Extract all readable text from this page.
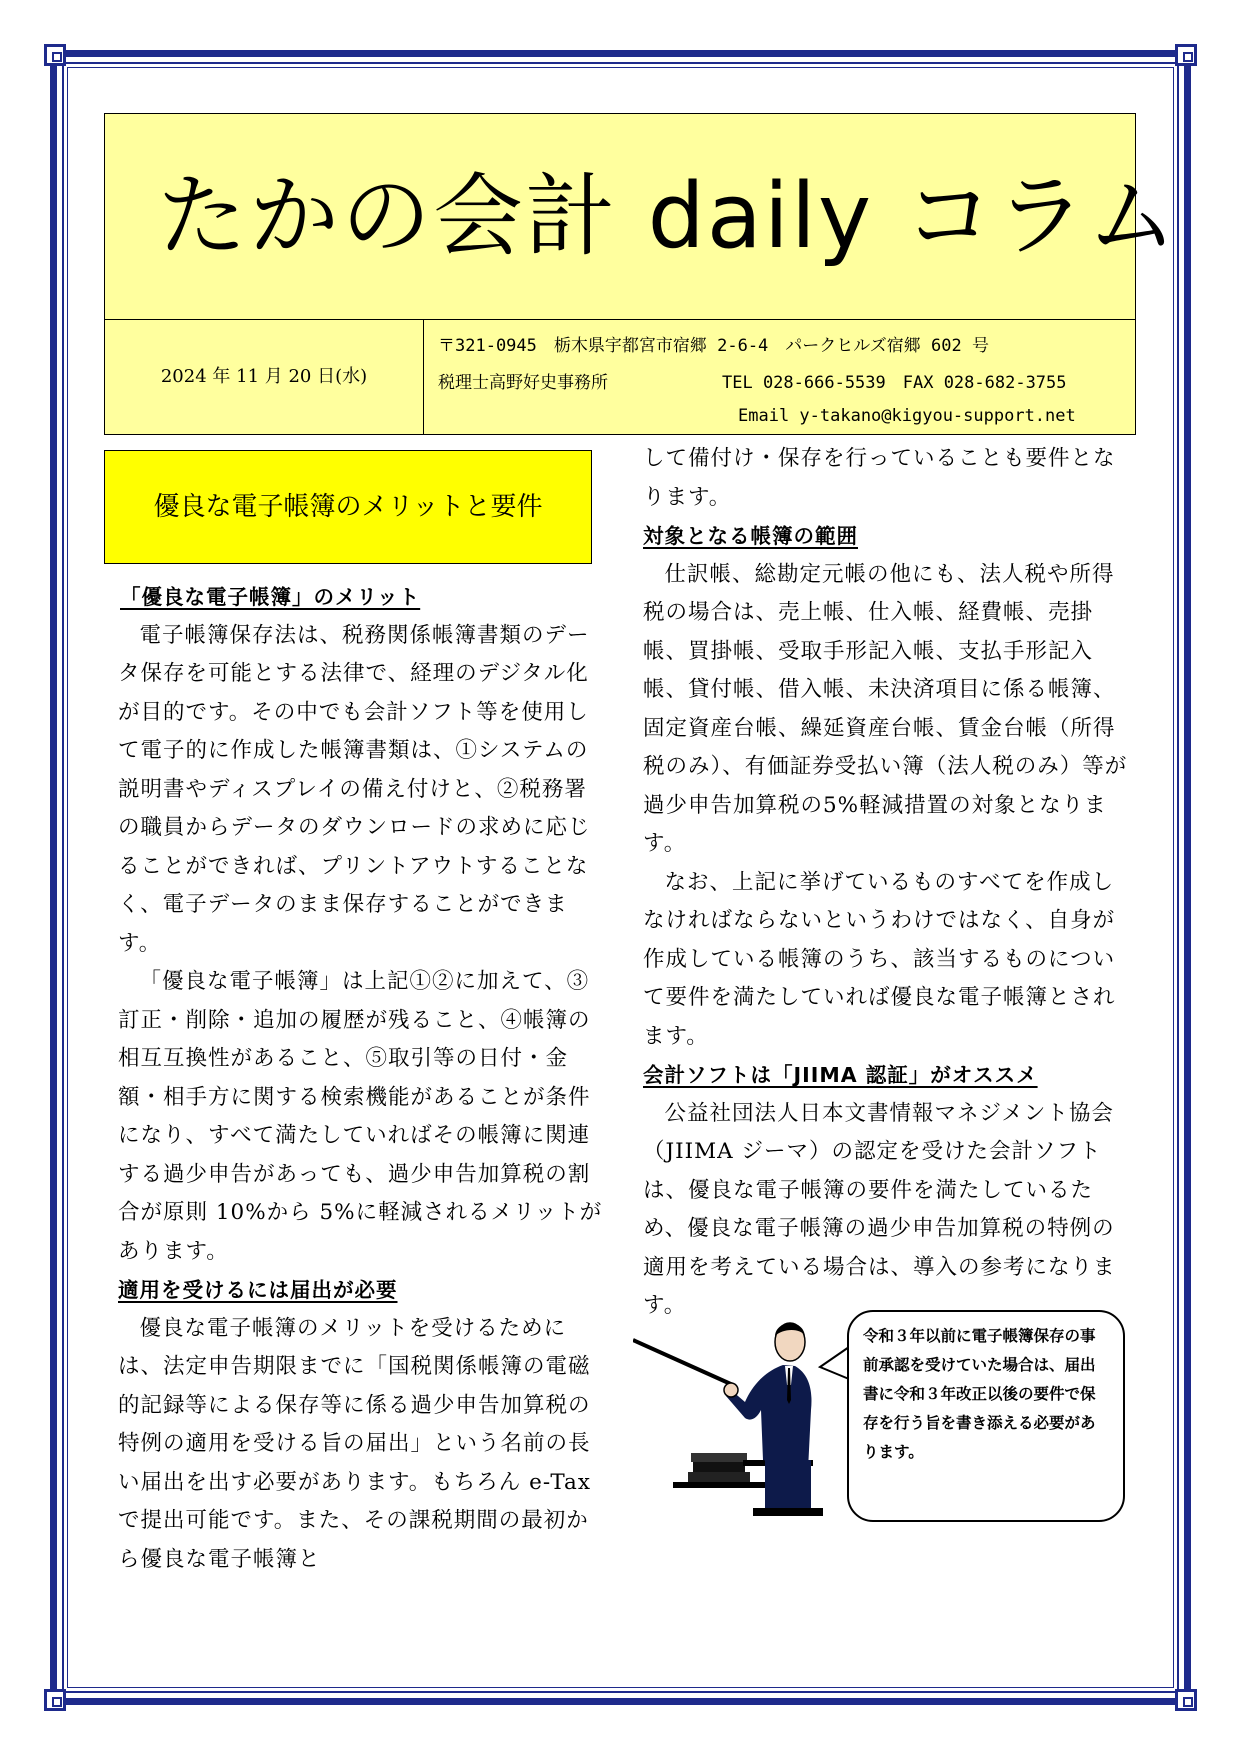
たかの会計 daily コラム
2024 年 11 月 20 日(水)
〒321-0945　栃木県宇都宮市宿郷 2-6-4　パークヒルズ宿郷 602 号
税理士高野好史事務所	TEL 028-666-5539　FAX 028-682-3755
Email y-takano@kigyou-support.net
優良な電子帳簿のメリットと要件

「優良な電子帳簿」のメリット

電子帳簿保存法は、税務関係帳簿書類のデータ保存を可能とする法律で、経理のデジタル化が目的です。その中でも会計ソフト等を使用して電子的に作成した帳簿書類は、①システムの説明書やディスプレイの備え付けと、②税務署の職員からデータのダウンロードの求めに応じることができれば、プリントアウトすることなく、電子データのまま保存することができます。

「優良な電子帳簿」は上記①②に加えて、③訂正・削除・追加の履歴が残ること、④帳簿の相互互換性があること、⑤取引等の日付・金額・相手方に関する検索機能があることが条件になり、すべて満たしていればその帳簿に関連する過少申告があっても、過少申告加算税の割合が原則 10%から 5%に軽減されるメリットがあります。

適用を受けるには届出が必要

優良な電子帳簿のメリットを受けるためには、法定申告期限までに「国税関係帳簿の電磁的記録等による保存等に係る過少申告加算税の特例の適用を受ける旨の届出」という名前の長い届出を出す必要があります。もちろん e-Tax で提出可能です。また、その課税期間の最初から優良な電子帳簿と

して備付け・保存を行っていることも要件となります。

対象となる帳簿の範囲

仕訳帳、総勘定元帳の他にも、法人税や所得税の場合は、売上帳、仕入帳、経費帳、売掛帳、買掛帳、受取手形記入帳、支払手形記入帳、貸付帳、借入帳、未決済項目に係る帳簿、固定資産台帳、繰延資産台帳、賃金台帳（所得税のみ）、有価証券受払い簿（法人税のみ）等が過少申告加算税の5%軽減措置の対象となります。

なお、上記に挙げているものすべてを作成しなければならないというわけではなく、自身が作成している帳簿のうち、該当するものについて要件を満たしていれば優良な電子帳簿とされます。

会計ソフトは「JIIMA 認証」がオススメ

公益社団法人日本文書情報マネジメント協会（JIIMA ジーマ）の認定を受けた会計ソフトは、優良な電子帳簿の要件を満たしているため、優良な電子帳簿の過少申告加算税の特例の適用を考えている場合は、導入の参考になります。

令和３年以前に電子帳簿保存の事前承認を受けていた場合は、届出書に令和３年改正以後の要件で保存を行う旨を書き添える必要があります。
